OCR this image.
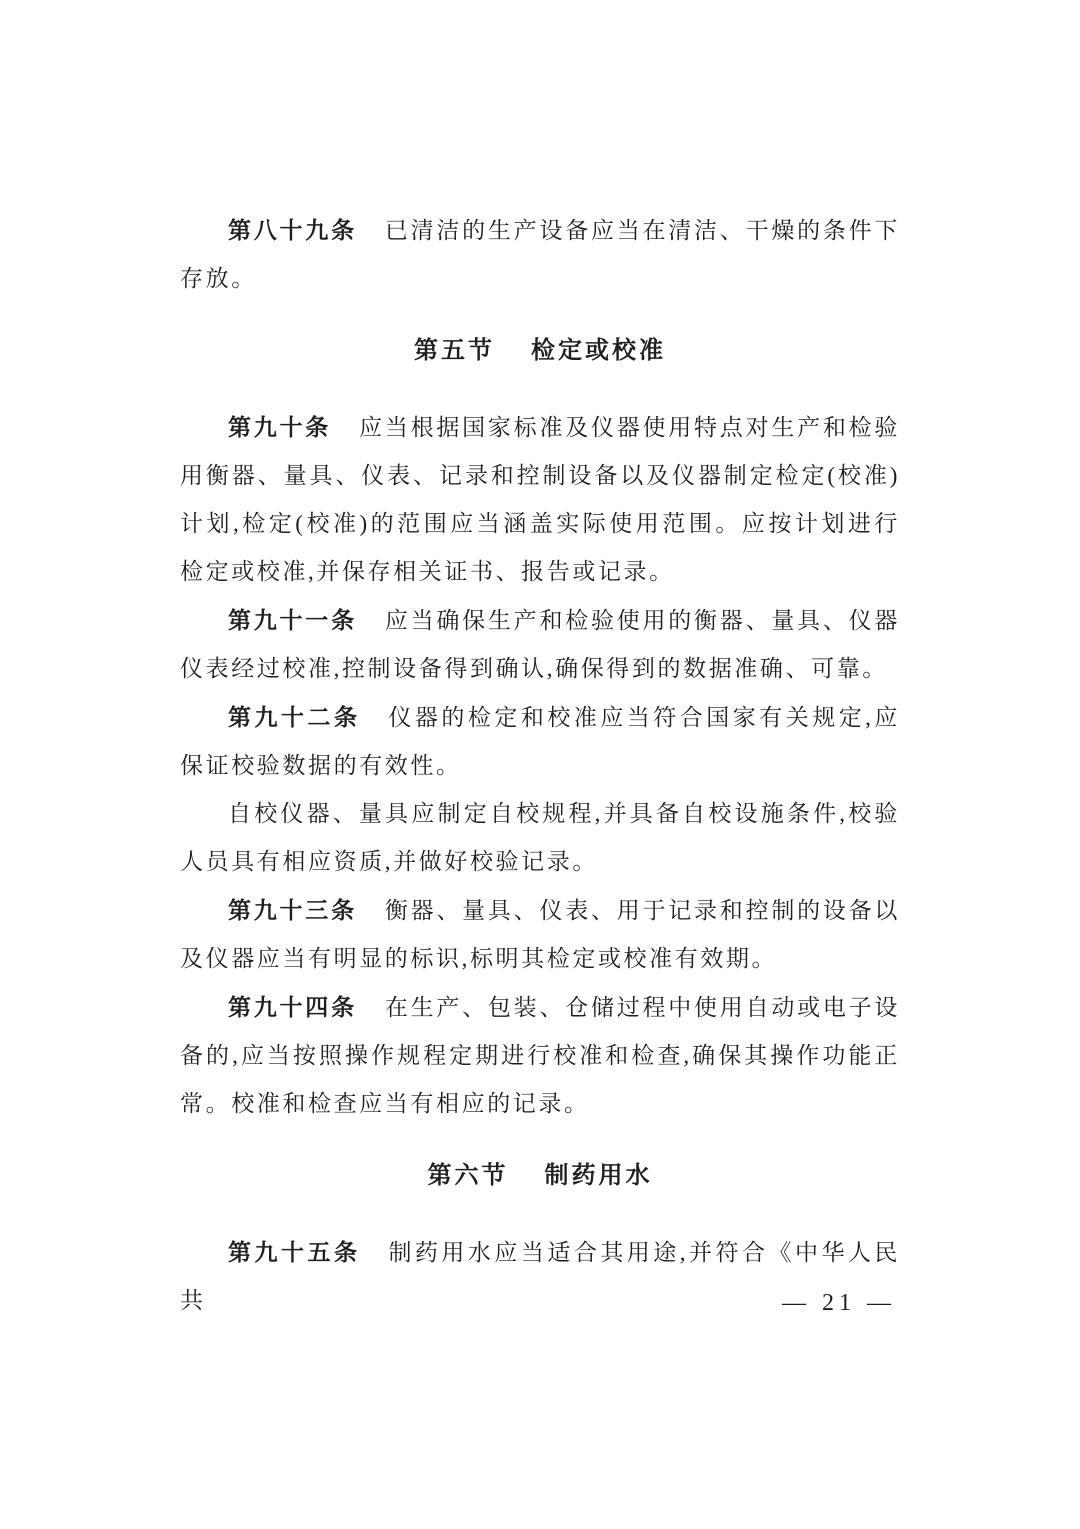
第八十九条 已清洁的生产设备应当在清洁、干燥的条件下存放。

第五节 检定或校准

第九十条 应当根据国家标准及仪器使用特点对生产和检验用衡器、量具、仪表、记录和控制设备以及仪器制定检定(校准)计划,检定(校准)的范围应当涵盖实际使用范围。应按计划进行检定或校准,并保存相关证书、报告或记录。

第九十一条 应当确保生产和检验使用的衡器、量具、仪器仪表经过校准,控制设备得到确认,确保得到的数据准确、可靠。

第九十二条 仪器的检定和校准应当符合国家有关规定,应保证校验数据的有效性。

自校仪器、量具应制定自校规程,并具备自校设施条件,校验人员具有相应资质,并做好校验记录。

第九十三条 衡器、量具、仪表、用于记录和控制的设备以及仪器应当有明显的标识,标明其检定或校准有效期。

第九十四条 在生产、包装、仓储过程中使用自动或电子设备的,应当按照操作规程定期进行校准和检查,确保其操作功能正常。校准和检查应当有相应的记录。

第六节 制药用水

第九十五条 制药用水应当适合其用途,并符合《中华人民共	— 21 —
